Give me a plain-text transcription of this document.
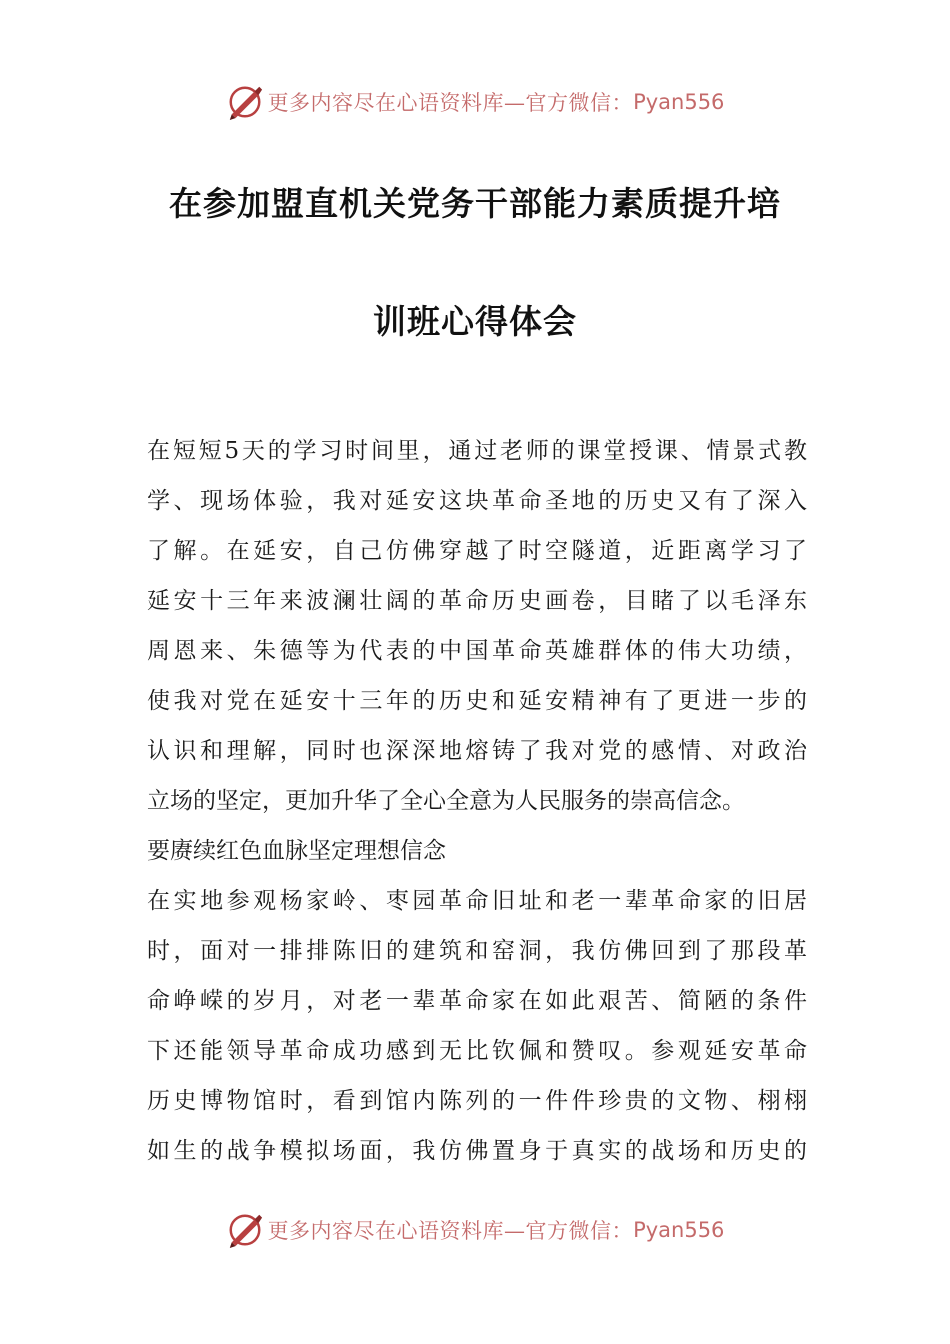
更多内容尽在心语资料库—官方微信： Pyan556
在参加盟直机关党务干部能力素质提升培
训班心得体会
在短短5天的学习时间里，通过老师的课堂授课、情景式教
学、现场体验，我对延安这块革命圣地的历史又有了深入
了解。在延安，自己仿佛穿越了时空隧道，近距离学习了
延安十三年来波澜壮阔的革命历史画卷，目睹了以毛泽东
周恩来、朱德等为代表的中国革命英雄群体的伟大功绩，
使我对党在延安十三年的历史和延安精神有了更进一步的
认识和理解，同时也深深地熔铸了我对党的感情、对政治
立场的坚定，更加升华了全心全意为人民服务的崇高信念。
要赓续红色血脉坚定理想信念
在实地参观杨家岭、枣园革命旧址和老一辈革命家的旧居
时，面对一排排陈旧的建筑和窑洞，我仿佛回到了那段革
命峥嵘的岁月，对老一辈革命家在如此艰苦、简陋的条件
下还能领导革命成功感到无比钦佩和赞叹。参观延安革命
历史博物馆时，看到馆内陈列的一件件珍贵的文物、栩栩
如生的战争模拟场面，我仿佛置身于真实的战场和历史的
更多内容尽在心语资料库—官方微信： Pyan556
